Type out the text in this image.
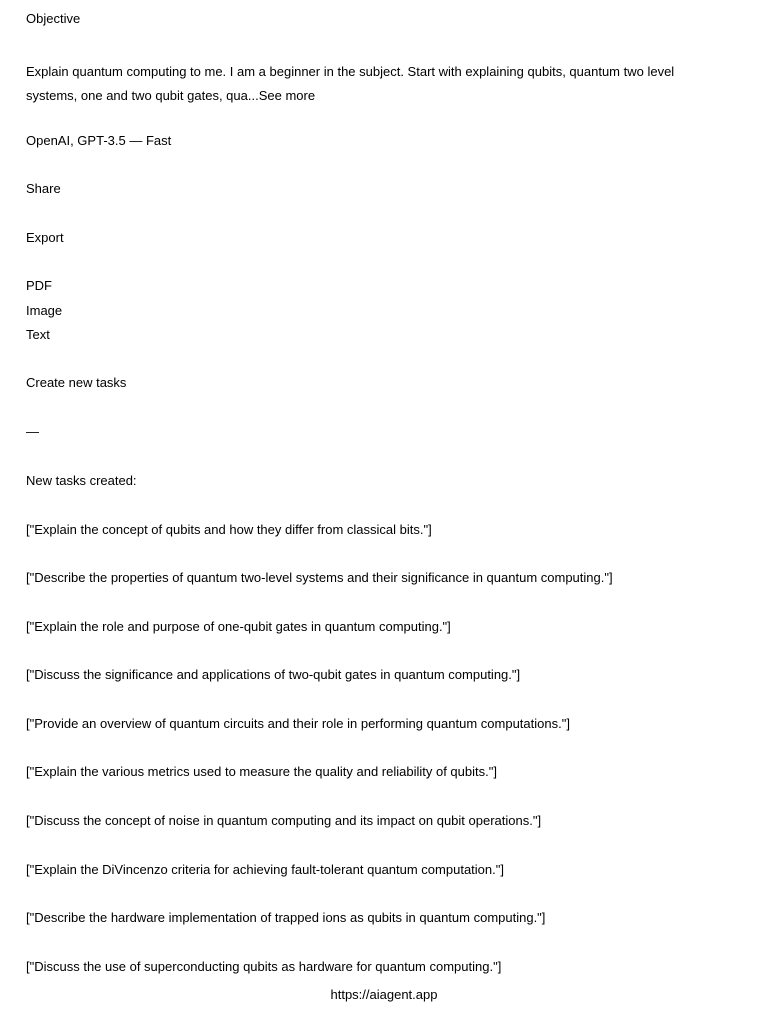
Objective
Explain quantum computing to me. I am a beginner in the subject. Start with explaining qubits, quantum two level systems, one and two qubit gates, qua...See more
OpenAI, GPT-3.5 — Fast
Share
Export
PDF
Image
Text
Create new tasks
—
New tasks created:
["Explain the concept of qubits and how they differ from classical bits."]
["Describe the properties of quantum two-level systems and their significance in quantum computing."]
["Explain the role and purpose of one-qubit gates in quantum computing."]
["Discuss the significance and applications of two-qubit gates in quantum computing."]
["Provide an overview of quantum circuits and their role in performing quantum computations."]
["Explain the various metrics used to measure the quality and reliability of qubits."]
["Discuss the concept of noise in quantum computing and its impact on qubit operations."]
["Explain the DiVincenzo criteria for achieving fault-tolerant quantum computation."]
["Describe the hardware implementation of trapped ions as qubits in quantum computing."]
["Discuss the use of superconducting qubits as hardware for quantum computing."]
https://aiagent.app
